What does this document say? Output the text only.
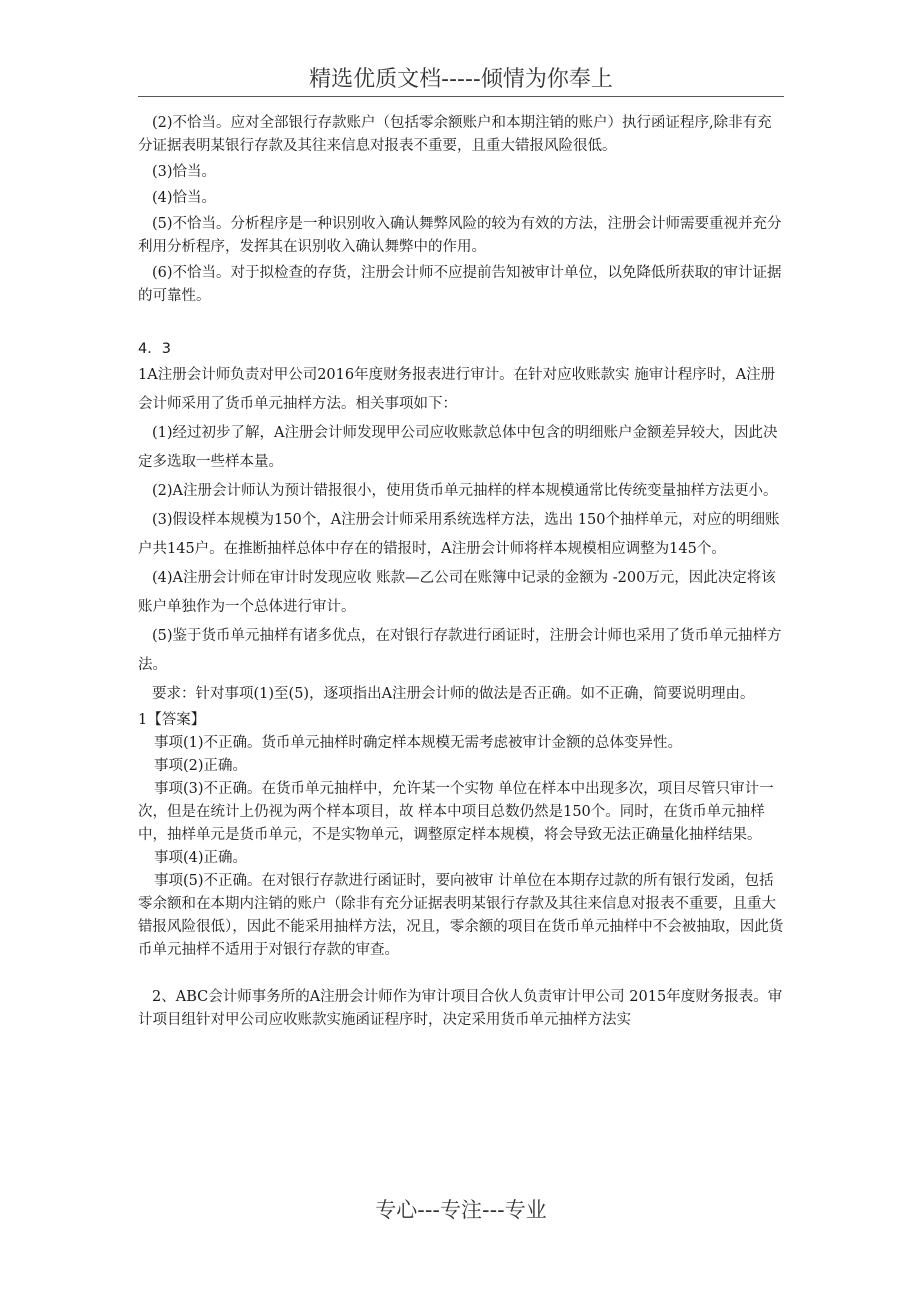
精选优质文档-----倾情为你奉上

(2)不恰当。应对全部银行存款账户（包括零余额账户和本期注销的账户）执行函证程序,除非有充分证据表明某银行存款及其往来信息对报表不重要，且重大错报风险很低。

(3)恰当。

(4)恰当。

(5)不恰当。分析程序是一种识别收入确认舞弊风险的较为有效的方法，注册会计师需要重视并充分利用分析程序，发挥其在识别收入确认舞弊中的作用。

(6)不恰当。对于拟检查的存货，注册会计师不应提前告知被审计单位，以免降低所获取的审计证据的可靠性。

4．3

1A注册会计师负责对甲公司2016年度财务报表进行审计。在针对应收账款实 施审计程序时，A注册会计师采用了货币单元抽样方法。相关事项如下：

(1)经过初步了解，A注册会计师发现甲公司应收账款总体中包含的明细账户金额差异较大，因此决定多选取一些样本量。

(2)A注册会计师认为预计错报很小，使用货币单元抽样的样本规模通常比传统变量抽样方法更小。

(3)假设样本规模为150个，A注册会计师采用系统选样方法，选出 150个抽样单元，对应的明细账户共145户。在推断抽样总体中存在的错报时，A注册会计师将样本规模相应调整为145个。

(4)A注册会计师在审计时发现应收 账款—乙公司在账簿中记录的金额为 -200万元，因此决定将该账户单独作为一个总体进行审计。

(5)鉴于货币单元抽样有诸多优点，在对银行存款进行函证时，注册会计师也采用了货币单元抽样方法。

要求：针对事项(1)至(5)，逐项指出A注册会计师的做法是否正确。如不正确，简要说明理由。

1【答案】

事项(1)不正确。货币单元抽样时确定样本规模无需考虑被审计金额的总体变异性。

事项(2)正确。

事项(3)不正确。在货币单元抽样中，允许某一个实物 单位在样本中出现多次，项目尽管只审计一次，但是在统计上仍视为两个样本项目，故 样本中项目总数仍然是150个。同时，在货币单元抽样中，抽样单元是货币单元，不是实物单元，调整原定样本规模，将会导致无法正确量化抽样结果。

事项(4)正确。

事项(5)不正确。在对银行存款进行函证时，要向被审 计单位在本期存过款的所有银行发函，包括零余额和在本期内注销的账户（除非有充分证据表明某银行存款及其往来信息对报表不重要，且重大错报风险很低），因此不能采用抽样方法，况且，零余额的项目在货币单元抽样中不会被抽取，因此货币单元抽样不适用于对银行存款的审查。

2、ABC会计师事务所的A注册会计师作为审计项目合伙人负责审计甲公司 2015年度财务报表。审计项目组针对甲公司应收账款实施函证程序时，决定采用货币单元抽样方法实

专心---专注---专业
